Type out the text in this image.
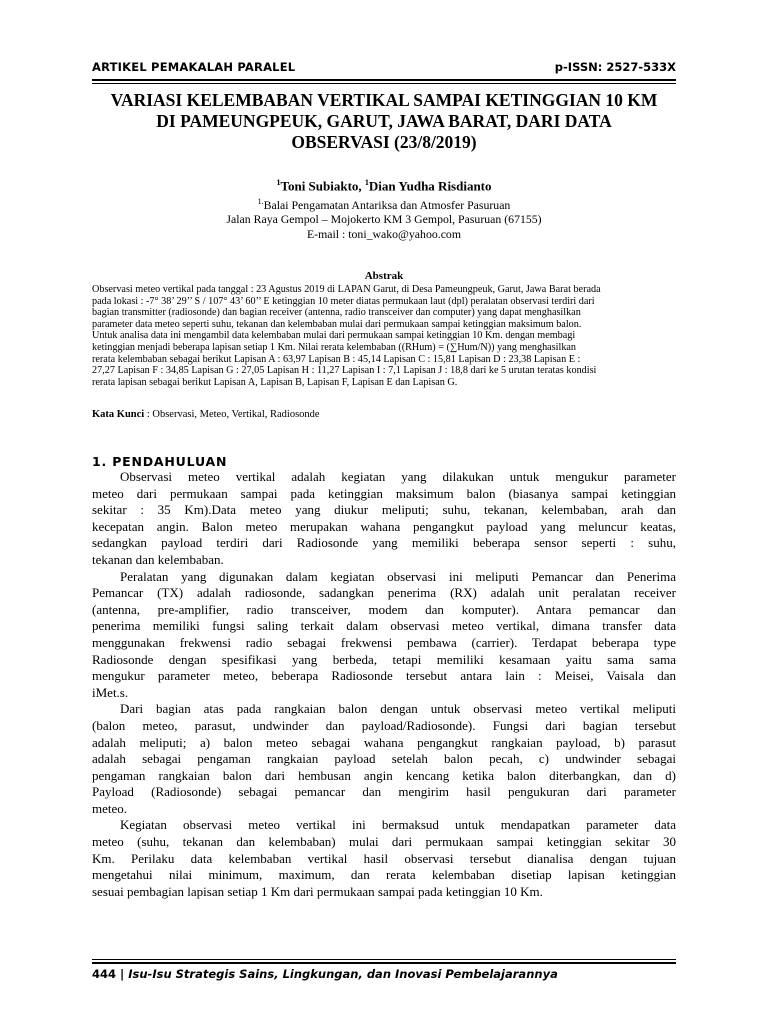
ARTIKEL PEMAKALAH PARALEL	p-ISSN: 2527-533X
VARIASI KELEMBABAN VERTIKAL SAMPAI KETINGGIAN 10 KM
DI PAMEUNGPEUK, GARUT, JAWA BARAT, DARI DATA
OBSERVASI (23/8/2019)
$^1$Toni Subiakto, $^1$Dian Yudha Risdianto
$^{1.}$Balai Pengamatan Antariksa dan Atmosfer Pasuruan
Jalan Raya Gempol – Mojokerto KM 3 Gempol, Pasuruan (67155)
E-mail : toni_wako@yahoo.com
Abstrak
Observasi meteo vertikal pada tanggal : 23 Agustus 2019 di LAPAN Garut, di Desa Pameungpeuk, Garut, Jawa Barat berada
pada lokasi : -7° 38’ 29’’ S / 107° 43’ 60’’ E ketinggian 10 meter diatas permukaan laut (dpl) peralatan observasi terdiri dari
bagian transmitter (radiosonde) dan bagian receiver (antenna, radio transceiver dan computer) yang dapat menghasilkan
parameter data meteo seperti suhu, tekanan dan kelembaban mulai dari permukaan sampai ketinggian maksimum balon.
Untuk analisa data ini mengambil data kelembaban mulai dari permukaan sampai ketinggian 10 Km. dengan membagi
ketinggian menjadi beberapa lapisan setiap 1 Km. Nilai rerata kelembaban ((RHum) = (∑Hum/N)) yang menghasilkan
rerata kelembaban sebagai berikut Lapisan A : 63,97 Lapisan B : 45,14 Lapisan C : 15,81 Lapisan D : 23,38 Lapisan E :
27,27 Lapisan F : 34,85 Lapisan G : 27,05 Lapisan H : 11,27 Lapisan I : 7,1 Lapisan J : 18,8 dari ke 5 urutan teratas kondisi
rerata lapisan sebagai berikut Lapisan A, Lapisan B, Lapisan F, Lapisan E dan Lapisan G.
Kata Kunci : Observasi, Meteo, Vertikal, Radiosonde
1. PENDAHULUAN
Observasi meteo vertikal adalah kegiatan yang dilakukan untuk mengukur parameter
meteo dari permukaan sampai pada ketinggian maksimum balon (biasanya sampai ketinggian
sekitar : 35 Km).Data meteo yang diukur meliputi; suhu, tekanan, kelembaban, arah dan
kecepatan angin. Balon meteo merupakan wahana pengangkut payload yang meluncur keatas,
sedangkan payload terdiri dari Radiosonde yang memiliki beberapa sensor seperti : suhu,
tekanan dan kelembaban.
Peralatan yang digunakan dalam kegiatan observasi ini meliputi Pemancar dan Penerima
Pemancar (TX) adalah radiosonde, sadangkan penerima (RX) adalah unit peralatan receiver
(antenna, pre-amplifier, radio transceiver, modem dan komputer). Antara pemancar dan
penerima memiliki fungsi saling terkait dalam observasi meteo vertikal, dimana transfer data
menggunakan frekwensi radio sebagai frekwensi pembawa (carrier). Terdapat beberapa type
Radiosonde dengan spesifikasi yang berbeda, tetapi memiliki kesamaan yaitu sama sama
mengukur parameter meteo, beberapa Radiosonde tersebut antara lain : Meisei, Vaisala dan
iMet.s.
Dari bagian atas pada rangkaian balon dengan untuk observasi meteo vertikal meliputi
(balon meteo, parasut, undwinder dan payload/Radiosonde). Fungsi dari bagian tersebut
adalah meliputi; a) balon meteo sebagai wahana pengangkut rangkaian payload, b) parasut
adalah sebagai pengaman rangkaian payload setelah balon pecah, c) undwinder sebagai
pengaman rangkaian balon dari hembusan angin kencang ketika balon diterbangkan, dan d)
Payload (Radiosonde) sebagai pemancar dan mengirim hasil pengukuran dari parameter
meteo.
Kegiatan observasi meteo vertikal ini bermaksud untuk mendapatkan parameter data
meteo (suhu, tekanan dan kelembaban) mulai dari permukaan sampai ketinggian sekitar 30
Km. Perilaku data kelembaban vertikal hasil observasi tersebut dianalisa dengan tujuan
mengetahui nilai minimum, maximum, dan rerata kelembaban disetiap lapisan ketinggian
sesuai pembagian lapisan setiap 1 Km dari permukaan sampai pada ketinggian 10 Km.
444 | Isu-Isu Strategis Sains, Lingkungan, dan Inovasi Pembelajarannya
